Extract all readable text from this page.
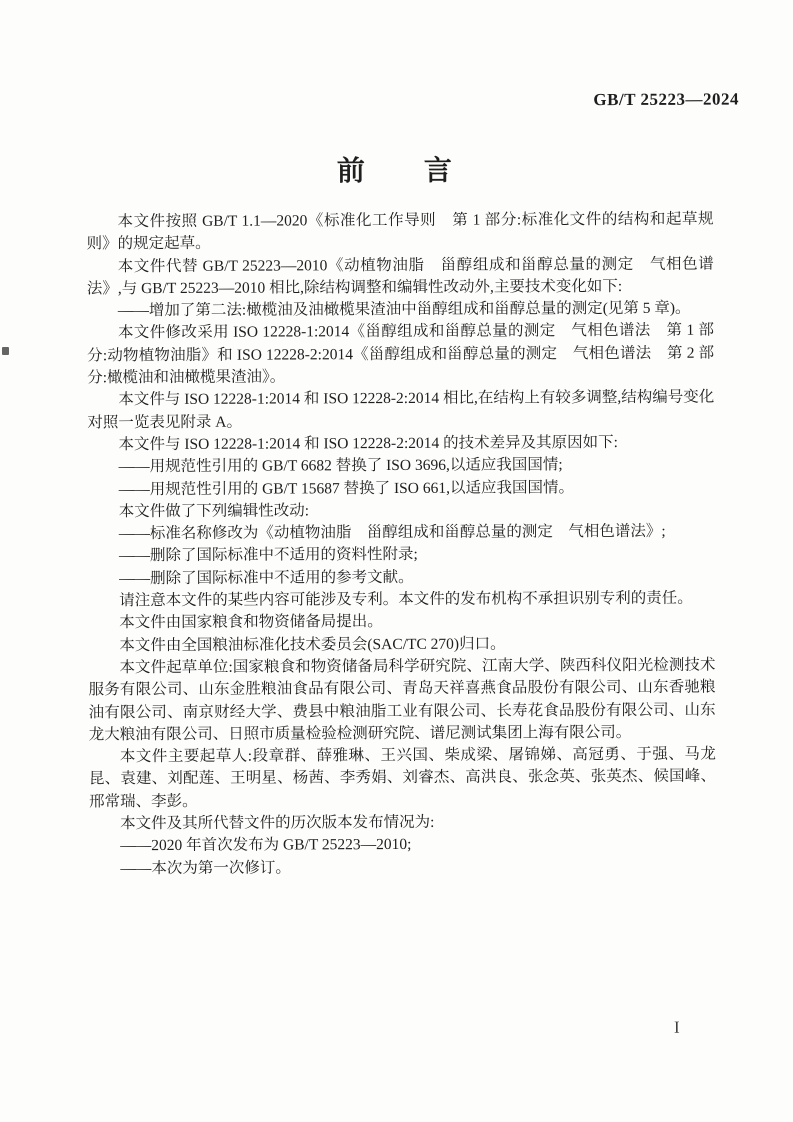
GB/T 25223—2024
前　　言

本文件按照 GB/T 1.1—2020《标准化工作导则　第 1 部分:标准化文件的结构和起草规则》的规定起草。

本文件代替 GB/T 25223—2010《动植物油脂　甾醇组成和甾醇总量的测定　气相色谱法》,与 GB/T 25223—2010 相比,除结构调整和编辑性改动外,主要技术变化如下:

——增加了第二法:橄榄油及油橄榄果渣油中甾醇组成和甾醇总量的测定(见第 5 章)。

本文件修改采用 ISO 12228-1:2014《甾醇组成和甾醇总量的测定　气相色谱法　第 1 部分:动物植物油脂》和 ISO 12228-2:2014《甾醇组成和甾醇总量的测定　气相色谱法　第 2 部分:橄榄油和油橄榄果渣油》。

本文件与 ISO 12228-1:2014 和 ISO 12228-2:2014 相比,在结构上有较多调整,结构编号变化对照一览表见附录 A。

本文件与 ISO 12228-1:2014 和 ISO 12228-2:2014 的技术差异及其原因如下:

——用规范性引用的 GB/T 6682 替换了 ISO 3696,以适应我国国情;

——用规范性引用的 GB/T 15687 替换了 ISO 661,以适应我国国情。

本文件做了下列编辑性改动:

——标准名称修改为《动植物油脂　甾醇组成和甾醇总量的测定　气相色谱法》;

——删除了国际标准中不适用的资料性附录;

——删除了国际标准中不适用的参考文献。

请注意本文件的某些内容可能涉及专利。本文件的发布机构不承担识别专利的责任。

本文件由国家粮食和物资储备局提出。

本文件由全国粮油标准化技术委员会(SAC/TC 270)归口。

本文件起草单位:国家粮食和物资储备局科学研究院、江南大学、陕西科仪阳光检测技术服务有限公司、山东金胜粮油食品有限公司、青岛天祥喜燕食品股份有限公司、山东香驰粮油有限公司、南京财经大学、费县中粮油脂工业有限公司、长寿花食品股份有限公司、山东龙大粮油有限公司、日照市质量检验检测研究院、谱尼测试集团上海有限公司。

本文件主要起草人:段章群、薛雅琳、王兴国、柴成梁、屠锦娣、高冠勇、于强、马龙昆、袁建、刘配莲、王明星、杨茜、李秀娟、刘睿杰、高洪良、张念英、张英杰、候国峰、邢常瑞、李彭。

本文件及其所代替文件的历次版本发布情况为:

——2020 年首次发布为 GB/T 25223—2010;

——本次为第一次修订。

I
